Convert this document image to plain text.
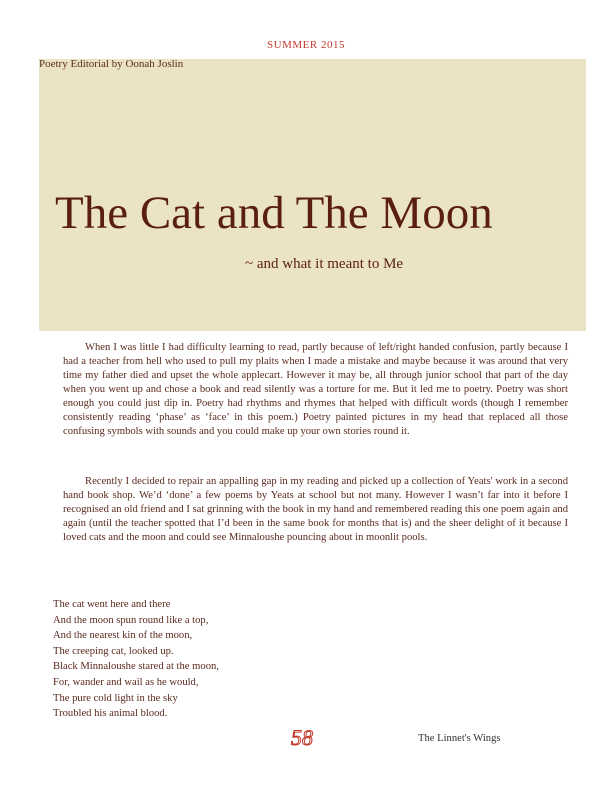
SUMMER 2015
Poetry Editorial by Oonah Joslin
The Cat and The Moon
~ and what it meant to Me

When I was little I had difficulty learning to read, partly because of left/right handed confusion, partly because I had a teacher from hell who used to pull my plaits when I made a mistake and maybe because it was around that very time my father died and upset the whole applecart. However it may be, all through junior school that part of the day when you went up and chose a book and read silently was a torture for me. But it led me to poetry. Poetry was short enough you could just dip in. Poetry had rhythms and rhymes that helped with difficult words (though I remember consistently reading ‘phase’ as ‘face’ in this poem.) Poetry painted pictures in my head that replaced all those confusing symbols with sounds and you could make up your own stories round it.

Recently I decided to repair an appalling gap in my reading and picked up a collection of Yeats' work in a second hand book shop. We’d ‘done’ a few poems by Yeats at school but not many. However I wasn’t far into it before I recognised an old friend and I sat grinning with the book in my hand and remembered reading this one poem again and again (until the teacher spotted that I’d been in the same book for months that is) and the sheer delight of it because I loved cats and the moon and could see Minnaloushe pouncing about in moonlit pools.

The cat went here and there
And the moon spun round like a top,
And the nearest kin of the moon,
The creeping cat, looked up.
Black Minnaloushe stared at the moon,
For, wander and wail as he would,
The pure cold light in the sky
Troubled his animal blood.
58	The Linnet's Wings
